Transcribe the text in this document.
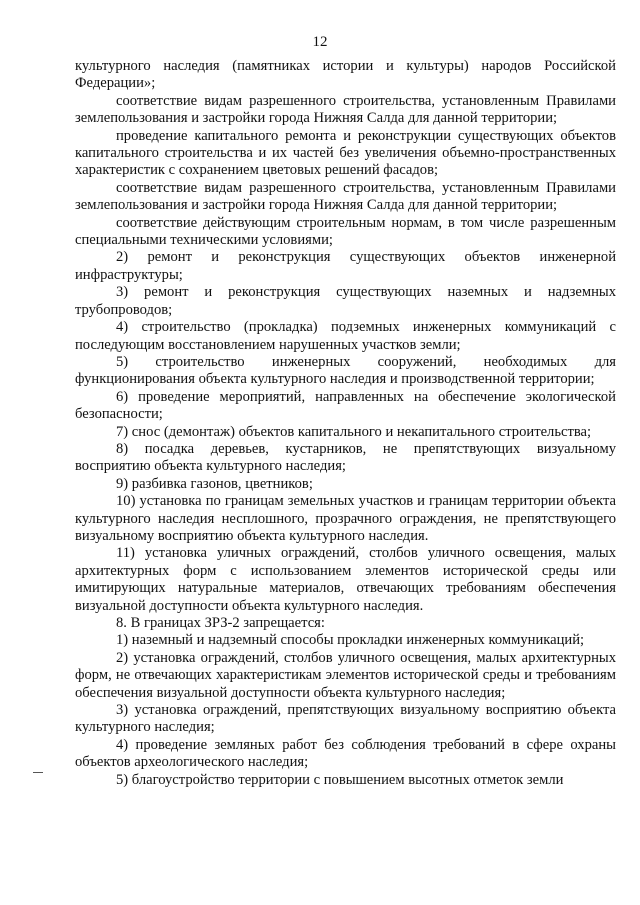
12

культурного наследия (памятниках истории и культуры) народов Российской Федерации»;

соответствие видам разрешенного строительства, установленным Правилами землепользования и застройки города Нижняя Салда для данной территории;

проведение капитального ремонта и реконструкции существующих объектов капитального строительства и их частей без увеличения объемно-пространственных характеристик с сохранением цветовых решений фасадов;

соответствие видам разрешенного строительства, установленным Правилами землепользования и застройки города Нижняя Салда для данной территории;

соответствие действующим строительным нормам, в том числе разрешенным специальными техническими условиями;

2) ремонт и реконструкция существующих объектов инженерной инфраструктуры;

3) ремонт и реконструкция существующих наземных и надземных трубопроводов;

4) строительство (прокладка) подземных инженерных коммуникаций с последующим восстановлением нарушенных участков земли;

5) строительство инженерных сооружений, необходимых для функционирования объекта культурного наследия и производственной территории;

6) проведение мероприятий, направленных на обеспечение экологической безопасности;

7) снос (демонтаж) объектов капитального и некапитального строительства;

8) посадка деревьев, кустарников, не препятствующих визуальному восприятию объекта культурного наследия;

9) разбивка газонов, цветников;

10) установка по границам земельных участков и границам территории объекта культурного наследия несплошного, прозрачного ограждения, не препятствующего визуальному восприятию объекта культурного наследия.

11) установка уличных ограждений, столбов уличного освещения, малых архитектурных форм с использованием элементов исторической среды или имитирующих натуральные материалов, отвечающих требованиям обеспечения визуальной доступности объекта культурного наследия.

8. В границах ЗРЗ-2 запрещается:

1) наземный и надземный способы прокладки инженерных коммуникаций;

2) установка ограждений, столбов уличного освещения, малых архитектурных форм, не отвечающих характеристикам элементов исторической среды и требованиям обеспечения визуальной доступности объекта культурного наследия;

3) установка ограждений, препятствующих визуальному восприятию объекта культурного наследия;

4) проведение земляных работ без соблюдения требований в сфере охраны объектов археологического наследия;

5) благоустройство территории с повышением высотных отметок земли
